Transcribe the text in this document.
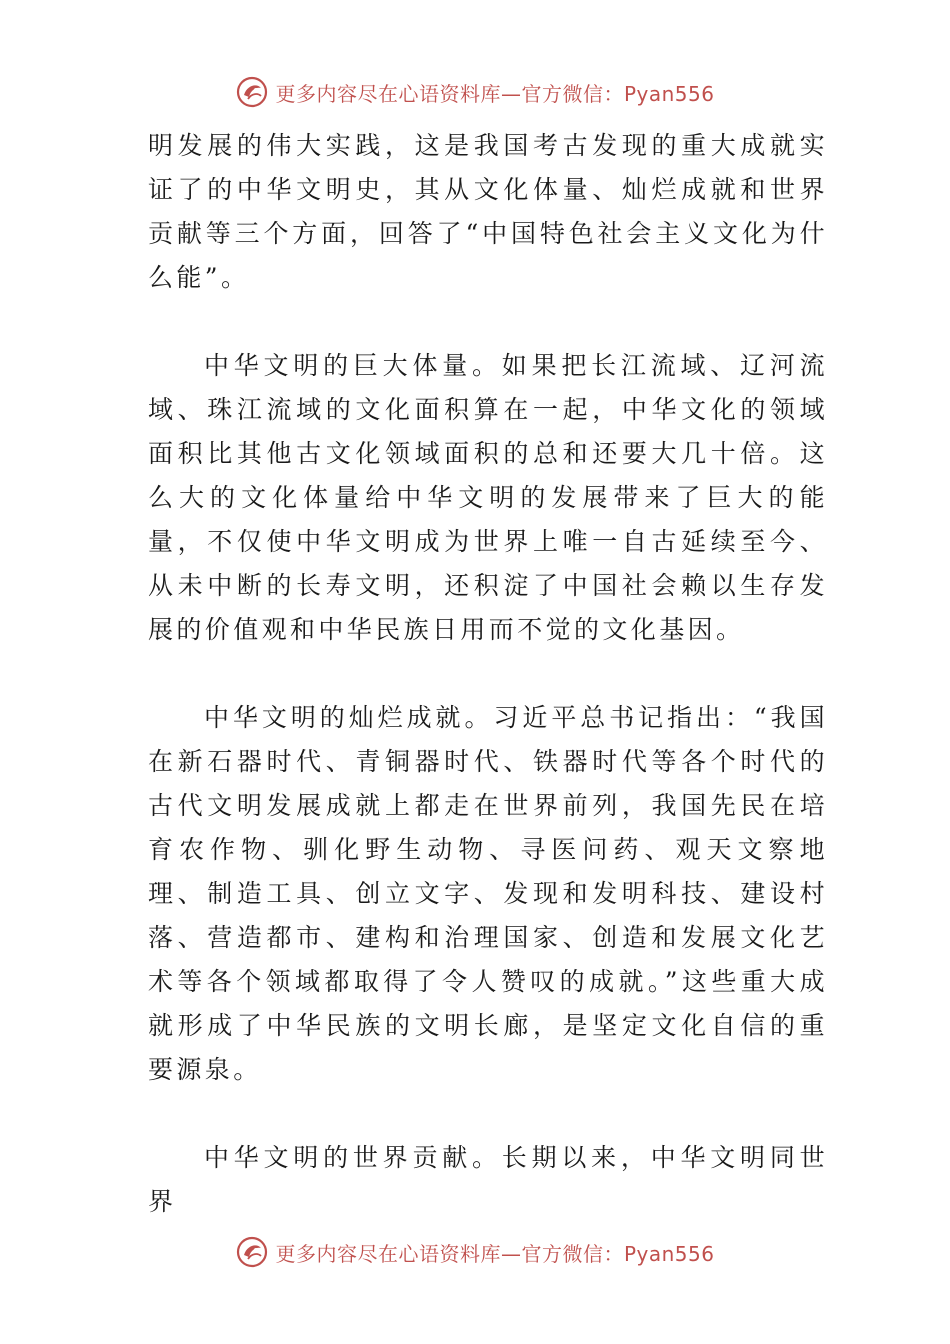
更多内容尽在心语资料库—官方微信：Pyan556

明发展的伟大实践，这是我国考古发现的重大成就实证了的中华文明史，其从文化体量、灿烂成就和世界贡献等三个方面，回答了“中国特色社会主义文化为什么能”。

中华文明的巨大体量。如果把长江流域、辽河流域、珠江流域的文化面积算在一起，中华文化的领域面积比其他古文化领域面积的总和还要大几十倍。这么大的文化体量给中华文明的发展带来了巨大的能量，不仅使中华文明成为世界上唯一自古延续至今、从未中断的长寿文明，还积淀了中国社会赖以生存发展的价值观和中华民族日用而不觉的文化基因。

中华文明的灿烂成就。习近平总书记指出：“我国在新石器时代、青铜器时代、铁器时代等各个时代的古代文明发展成就上都走在世界前列，我国先民在培育农作物、驯化野生动物、寻医问药、观天文察地理、制造工具、创立文字、发现和发明科技、建设村落、营造都市、建构和治理国家、创造和发展文化艺术等各个领域都取得了令人赞叹的成就。”这些重大成就形成了中华民族的文明长廊，是坚定文化自信的重要源泉。

中华文明的世界贡献。长期以来，中华文明同世界

更多内容尽在心语资料库—官方微信：Pyan556
